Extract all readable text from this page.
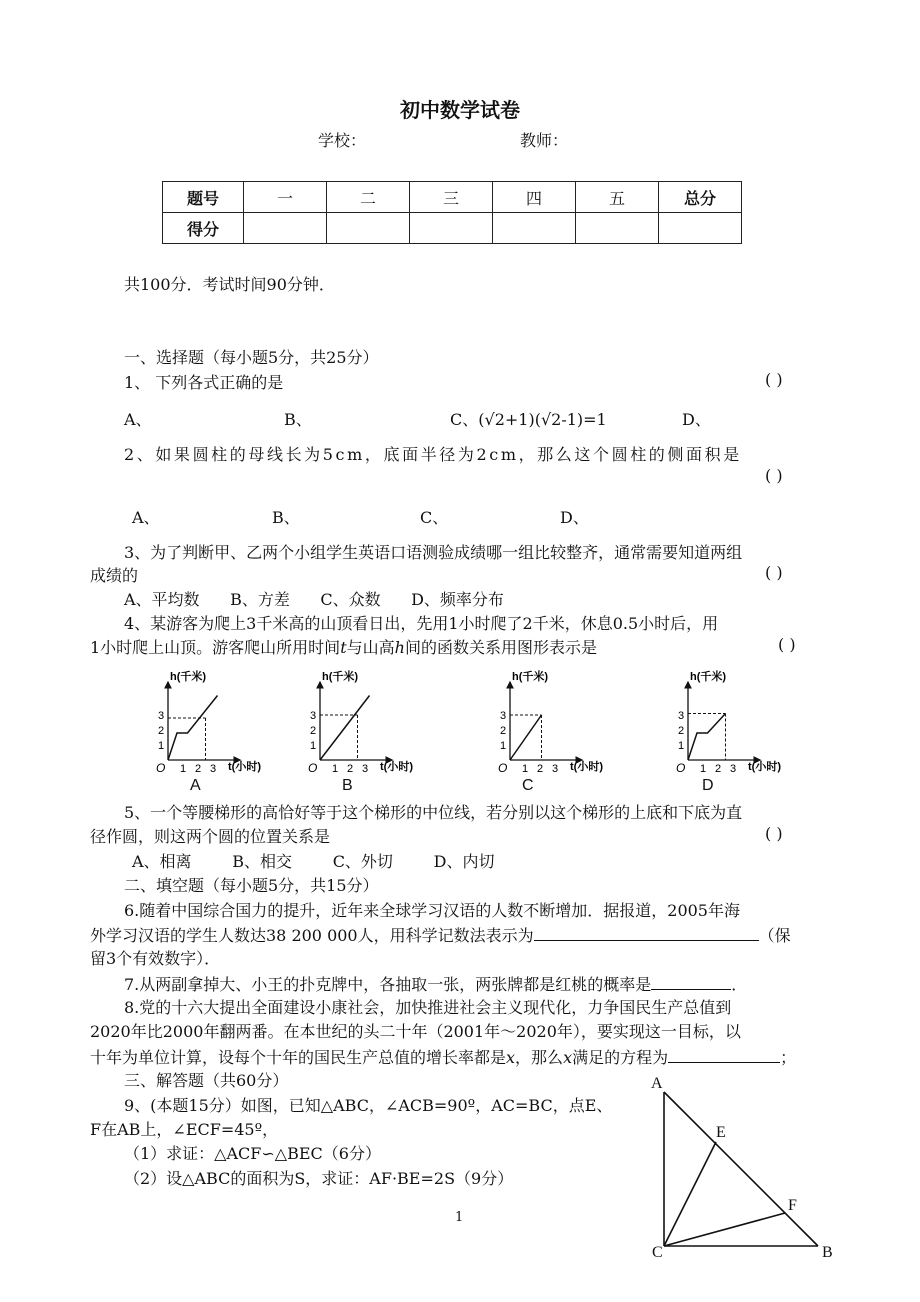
初中数学试卷
学校：	教师：
题号	一	二	三	四	五	总分
得分						
共100分．考试时间90分钟．
一、选择题（每小题5分，共25分）
1、 下列各式正确的是	( )
A、	B、	C、(√2+1)(√2-1)=1	D、
2、如果圆柱的母线长为5cm，底面半径为2cm，那么这个圆柱的侧面积是
( )
A、	B、	C、	D、
3、为了判断甲、乙两个小组学生英语口语测验成绩哪一组比较整齐，通常需要知道两组
成绩的	( )
A、平均数      B、方差      C、众数      D、频率分布
4、某游客为爬上3千米高的山顶看日出，先用1小时爬了2千米，休息0.5小时后，用
1小时爬上山顶。游客爬山所用时间t与山高h间的函数关系用图形表示是	( )
h(千米)
t(小时)
O 1 2 3
1
2
3
h(千米)
t(小时)
O 1 2 3
1
2
3
h(千米)
t(小时)
O 1 2 3
1
2
3
h(千米)
t(小时)
O 1 2 3
1
2
3
A	B	C	D
5、一个等腰梯形的高恰好等于这个梯形的中位线，若分别以这个梯形的上底和下底为直
径作圆，则这两个圆的位置关系是	( )
A、相离        B、相交        C、外切        D、内切
二、填空题（每小题5分，共15分）
6.随着中国综合国力的提升，近年来全球学习汉语的人数不断增加．据报道，2005年海
外学习汉语的学生人数达38 200 000人，用科学记数法表示为	（保
留3个有效数字）．
7.从两副拿掉大、小王的扑克牌中，各抽取一张，两张牌都是红桃的概率是	．
8.党的十六大提出全面建设小康社会，加快推进社会主义现代化，力争国民生产总值到
2020年比2000年翻两番。在本世纪的头二十年（2001年～2020年），要实现这一目标，以
十年为单位计算，设每个十年的国民生产总值的增长率都是x，那么x满足的方程为	；
三、解答题（共60分）
9、(本题15分）如图，已知△ABC，∠ACB=90º，AC=BC，点E、
F在AB上，∠ECF=45º，
（1）求证：△ACF∽△BEC（6分）
（2）设△ABC的面积为S，求证：AF·BE=2S（9分）
A
E
F
C	B
1
